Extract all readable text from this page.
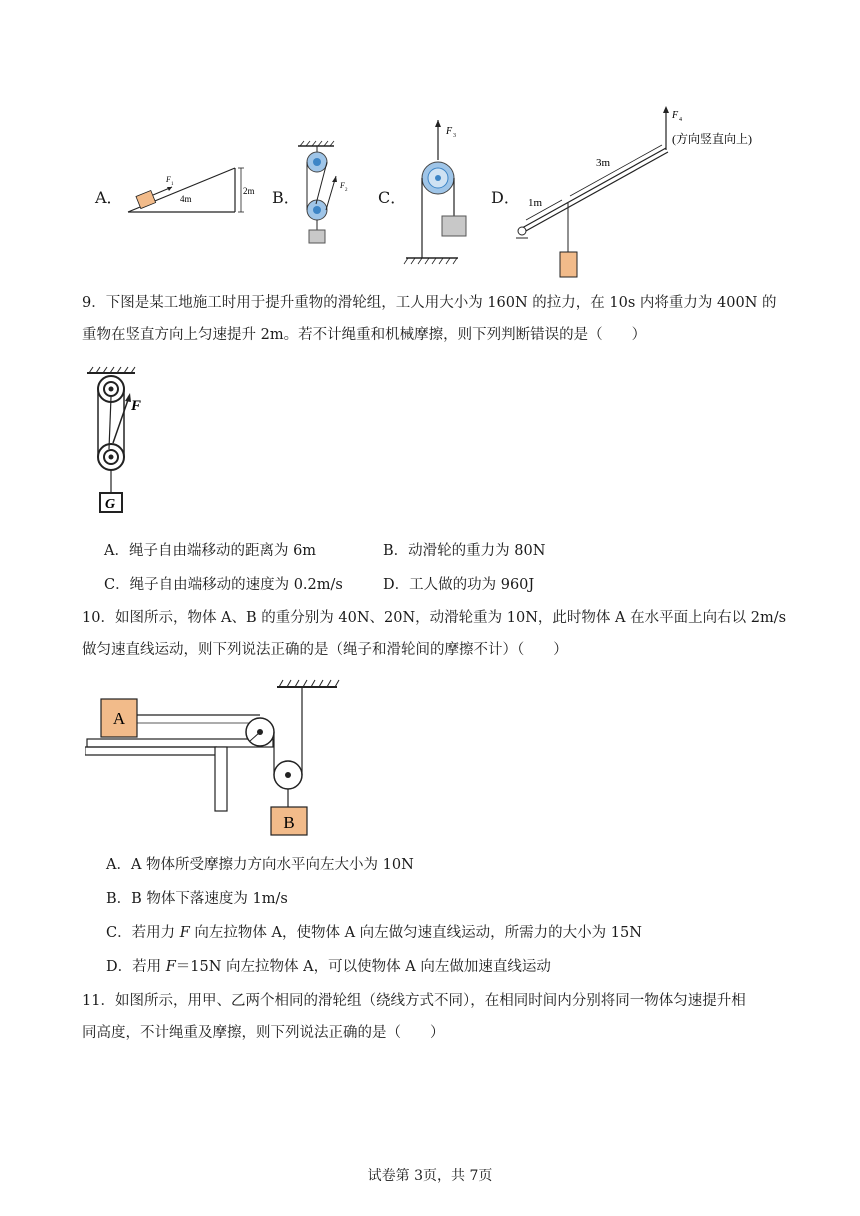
A．
F
1
4m
2m B．
F
2 C．
F 3
D．
F 4
(方向竖直向上)
3m
1m
9．下图是某工地施工时用于提升重物的滑轮组，工人用大小为 160N 的拉力，在 10s 内将重力为 400N 的
重物在竖直方向上匀速提升 2m。若不计绳重和机械摩擦，则下列判断错误的是（　　）
F
G
A．绳子自由端移动的距离为 6m	B．动滑轮的重力为 80N
C．绳子自由端移动的速度为 0.2m/s	D．工人做的功为 960J
10．如图所示，物体 A、B 的重分别为 40N、20N，动滑轮重为 10N，此时物体 A 在水平面上向右以 2m/s
做匀速直线运动，则下列说法正确的是（绳子和滑轮间的摩擦不计）（　　）
A
B
A．A 物体所受摩擦力方向水平向左大小为 10N
B．B 物体下落速度为 1m/s
C．若用力 F 向左拉物体 A，使物体 A 向左做匀速直线运动，所需力的大小为 15N
D．若用 F＝15N 向左拉物体 A，可以使物体 A 向左做加速直线运动
11．如图所示，用甲、乙两个相同的滑轮组（绕线方式不同），在相同时间内分别将同一物体匀速提升相
同高度，不计绳重及摩擦，则下列说法正确的是（　　）
试卷第 3页，共 7页
